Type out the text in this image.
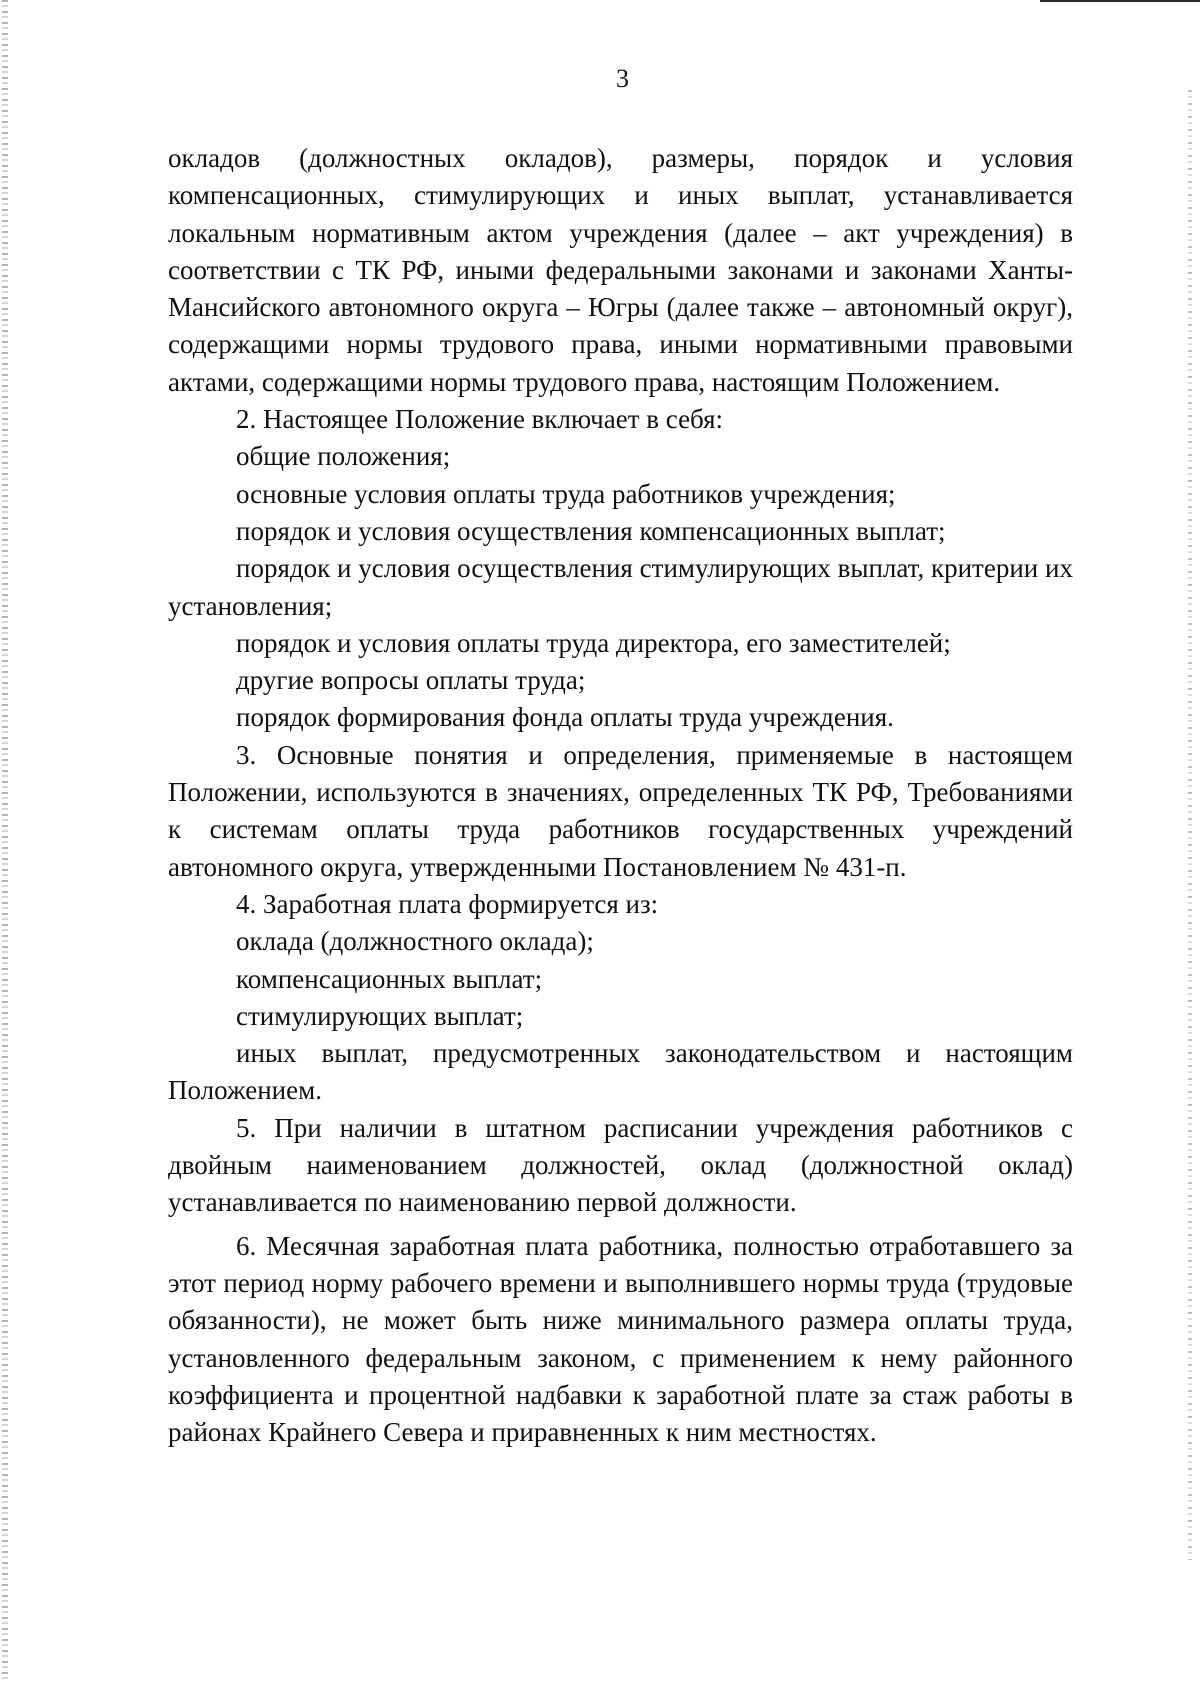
3

окладов (должностных окладов), размеры, порядок и условия компенсационных, стимулирующих и иных выплат, устанавливается локальным нормативным актом учреждения (далее – акт учреждения) в соответствии с ТК РФ, иными федеральными законами и законами Ханты-Мансийского автономного округа – Югры (далее также – автономный округ), содержащими нормы трудового права, иными нормативными правовыми актами, содержащими нормы трудового права, настоящим Положением.

2. Настоящее Положение включает в себя:

общие положения;

основные условия оплаты труда работников учреждения;

порядок и условия осуществления компенсационных выплат;

порядок и условия осуществления стимулирующих выплат, критерии их установления;

порядок и условия оплаты труда директора, его заместителей;

другие вопросы оплаты труда;

порядок формирования фонда оплаты труда учреждения.

3. Основные понятия и определения, применяемые в настоящем Положении, используются в значениях, определенных ТК РФ, Требованиями к системам оплаты труда работников государственных учреждений автономного округа, утвержденными Постановлением № 431-п.

4. Заработная плата формируется из:

оклада (должностного оклада);

компенсационных выплат;

стимулирующих выплат;

иных выплат, предусмотренных законодательством и настоящим Положением.

5. При наличии в штатном расписании учреждения работников с двойным наименованием должностей, оклад (должностной оклад) устанавливается по наименованию первой должности.

6. Месячная заработная плата работника, полностью отработавшего за этот период норму рабочего времени и выполнившего нормы труда (трудовые обязанности), не может быть ниже минимального размера оплаты труда, установленного федеральным законом, с применением к нему районного коэффициента и процентной надбавки к заработной плате за стаж работы в районах Крайнего Севера и приравненных к ним местностях.
